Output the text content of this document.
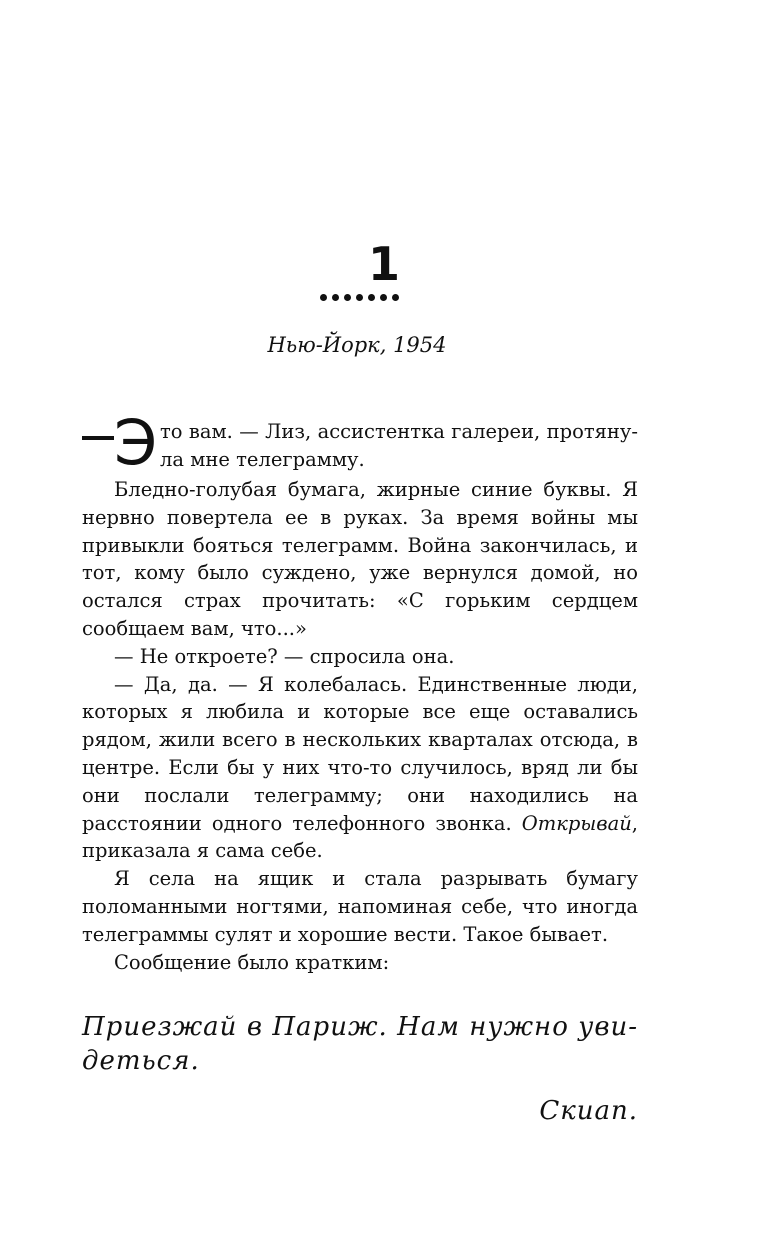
1
Нью-Йорк, 1954
Э то вам. — Лиз, ассистентка галереи, протяну-
ла мне телеграмму.

Бледно-голубая бумага, жирные синие буквы. Я нервно повертела ее в руках. За время войны мы привыкли бояться телеграмм. Война закончилась, и тот, кому было суждено, уже вернулся домой, но остался страх прочитать: «С горьким сердцем сообщаем вам, что...»

— Не откроете? — спросила она.

— Да, да. — Я колебалась. Единственные люди, которых я любила и которые все еще оставались рядом, жили всего в нескольких кварталах отсюда, в центре. Если бы у них что-то случилось, вряд ли бы они послали телеграмму; они находились на расстоянии одного телефонного звонка. Открывай, приказала я сама себе.

Я села на ящик и стала разрывать бумагу поломанными ногтями, напоминая себе, что иногда телеграммы сулят и хорошие вести. Такое бывает.

Сообщение было кратким:

Приезжай в Париж. Нам нужно уви-
деться.
Скиап.
